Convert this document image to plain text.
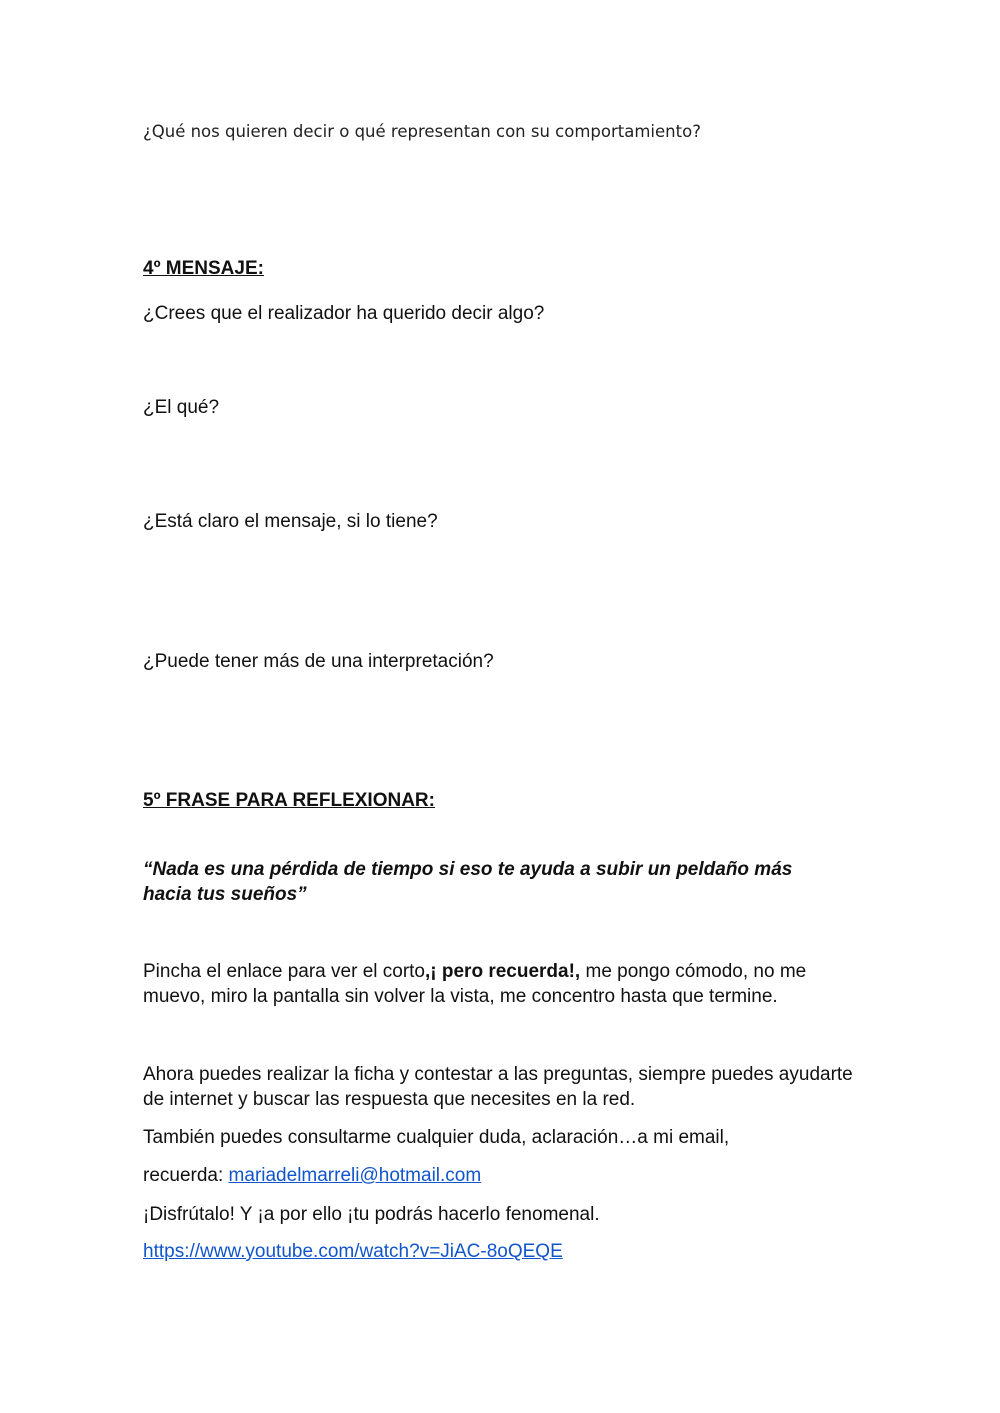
¿Qué nos quieren decir o qué representan con su comportamiento?
4º MENSAJE:
¿Crees que el realizador ha querido decir algo?
¿El qué?
¿Está claro el mensaje, si lo tiene?
¿Puede tener más de una interpretación?
5º FRASE PARA REFLEXIONAR:
“Nada es una pérdida de tiempo si eso te ayuda a subir un peldaño más
hacia tus sueños”
Pincha el enlace para ver el corto,¡ pero recuerda!, me pongo cómodo, no me muevo, miro la pantalla sin volver la vista, me concentro hasta que termine.
Ahora puedes realizar la ficha y contestar a las preguntas, siempre puedes ayudarte de internet y buscar las respuesta que necesites en la red.
También puedes consultarme cualquier duda, aclaración…a mi email,
recuerda: mariadelmarreli@hotmail.com
¡Disfrútalo! Y ¡a por ello ¡tu podrás hacerlo fenomenal.
https://www.youtube.com/watch?v=JiAC-8oQEQE
